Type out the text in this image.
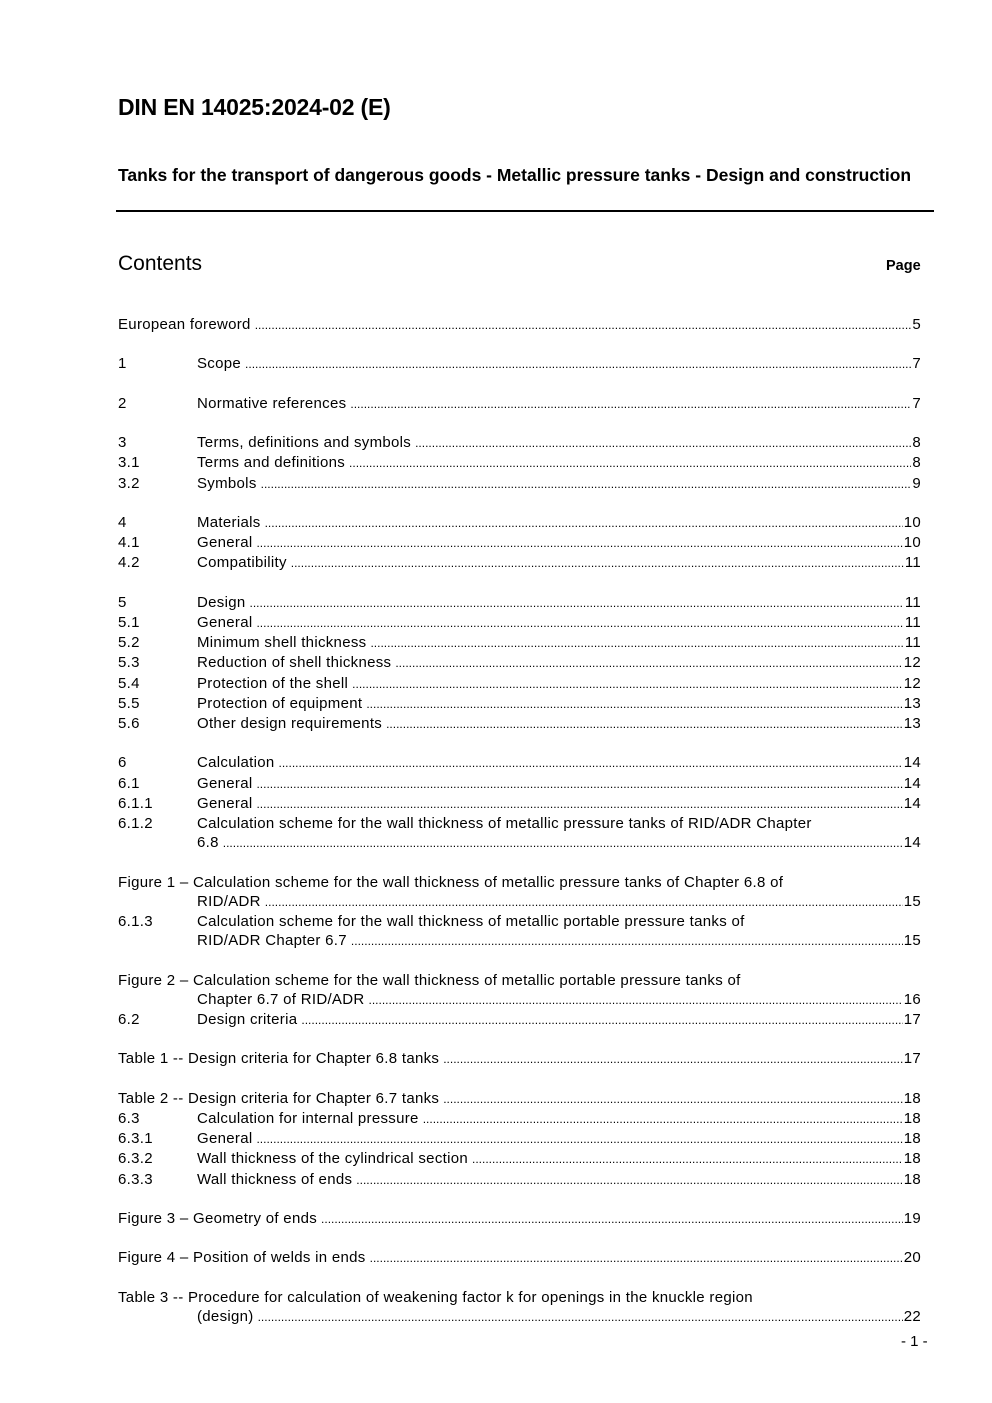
DIN EN 14025:2024-02 (E)
Tanks for the transport of dangerous goods - Metallic pressure tanks - Design and construction
Contents	Page
European foreword .....	5
1	Scope .....	7
2	Normative references .....	7
3	Terms, definitions and symbols .....	8
3.1	Terms and definitions .....	8
3.2	Symbols .....	9
4	Materials .....	10
4.1	General .....	10
4.2	Compatibility .....	11
5	Design .....	11
5.1	General .....	11
5.2	Minimum shell thickness .....	11
5.3	Reduction of shell thickness .....	12
5.4	Protection of the shell .....	12
5.5	Protection of equipment .....	13
5.6	Other design requirements .....	13
6	Calculation .....	14
6.1	General .....	14
6.1.1	General .....	14
6.1.2	Calculation scheme for the wall thickness of metallic pressure tanks of RID/ADR Chapter
6.8 .....	14
Figure 1 – Calculation scheme for the wall thickness of metallic pressure tanks of Chapter 6.8 of
RID/ADR .....	15
6.1.3	Calculation scheme for the wall thickness of metallic portable pressure tanks of
RID/ADR Chapter 6.7 .....	15
Figure 2 – Calculation scheme for the wall thickness of metallic portable pressure tanks of
Chapter 6.7 of RID/ADR .....	16
6.2	Design criteria .....	17
Table 1 -- Design criteria for Chapter 6.8 tanks .....	17
Table 2 -- Design criteria for Chapter 6.7 tanks .....	18
6.3	Calculation for internal pressure .....	18
6.3.1	General .....	18
6.3.2	Wall thickness of the cylindrical section .....	18
6.3.3	Wall thickness of ends .....	18
Figure 3 – Geometry of ends .....	19
Figure 4 – Position of welds in ends .....	20
Table 3 -- Procedure for calculation of weakening factor k for openings in the knuckle region
(design) .....	22
- 1 -
